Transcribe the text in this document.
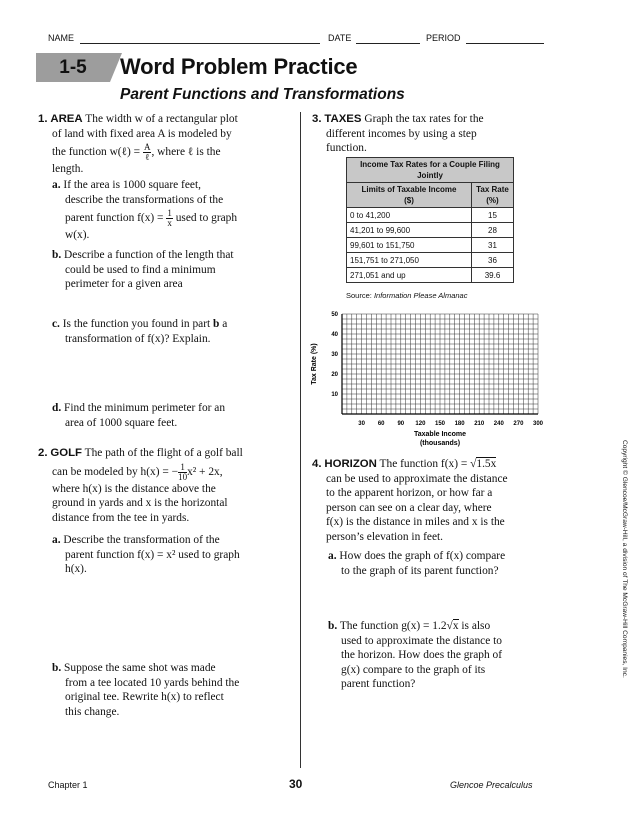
NAME	DATE	PERIOD
1-5	Word Problem Practice
Parent Functions and Transformations
1. AREA The width w of a rectangular plot
of land with fixed area A is modeled by
the function w(ℓ) = $\frac{A}{\text{ℓ}}$ , where ℓ is the
length.
a. If the area is 1000 square feet,
describe the transformations of the
parent function $f(x) = \frac{1}{x}$ used to graph
w(x).
b. Describe a function of the length that
could be used to find a minimum
perimeter for a given area
c. Is the function you found in part b a
transformation of f(x)? Explain.
d. Find the minimum perimeter for an
area of 1000 square feet.
2. GOLF The path of the flight of a golf ball
can be modeled by h(x) = − $\frac{1}{10} x^2 + 2x$,
where h(x) is the distance above the
ground in yards and x is the horizontal
distance from the tee in yards.
a. Describe the transformation of the
parent function f(x) = x² used to graph
h(x).
b. Suppose the same shot was made
from a tee located 10 yards behind the
original tee. Rewrite h(x) to reflect
this change.
3. TAXES Graph the tax rates for the
different incomes by using a step
function.
Income Tax Rates for a Couple Filing Jointly	
Limits of Taxable Income ($)	Tax Rate (%)
0 to 41,200	15
41,201 to 99,600	28
99,601 to 151,750	31
151,751 to 271,050	36
271,051 and up	39.6
Source: Information Please Almanac
30 60 90 120 150 180 210 240 270 300
10
20
30
40
50
Taxable Income
(thousands)
Tax Rate (%)
4. HORIZON The function f(x) = √1.5x
can be used to approximate the distance
to the apparent horizon, or how far a
person can see on a clear day, where
f(x) is the distance in miles and x is the
person’s elevation in feet.
a. How does the graph of f(x) compare
to the graph of its parent function?
b. The function g(x) = 1.2√x is also
used to approximate the distance to
the horizon. How does the graph of
g(x) compare to the graph of its
parent function?
Copyright © Glencoe/McGraw-Hill, a division of The McGraw-Hill Companies, Inc.
Chapter 1	30	Glencoe Precalculus
